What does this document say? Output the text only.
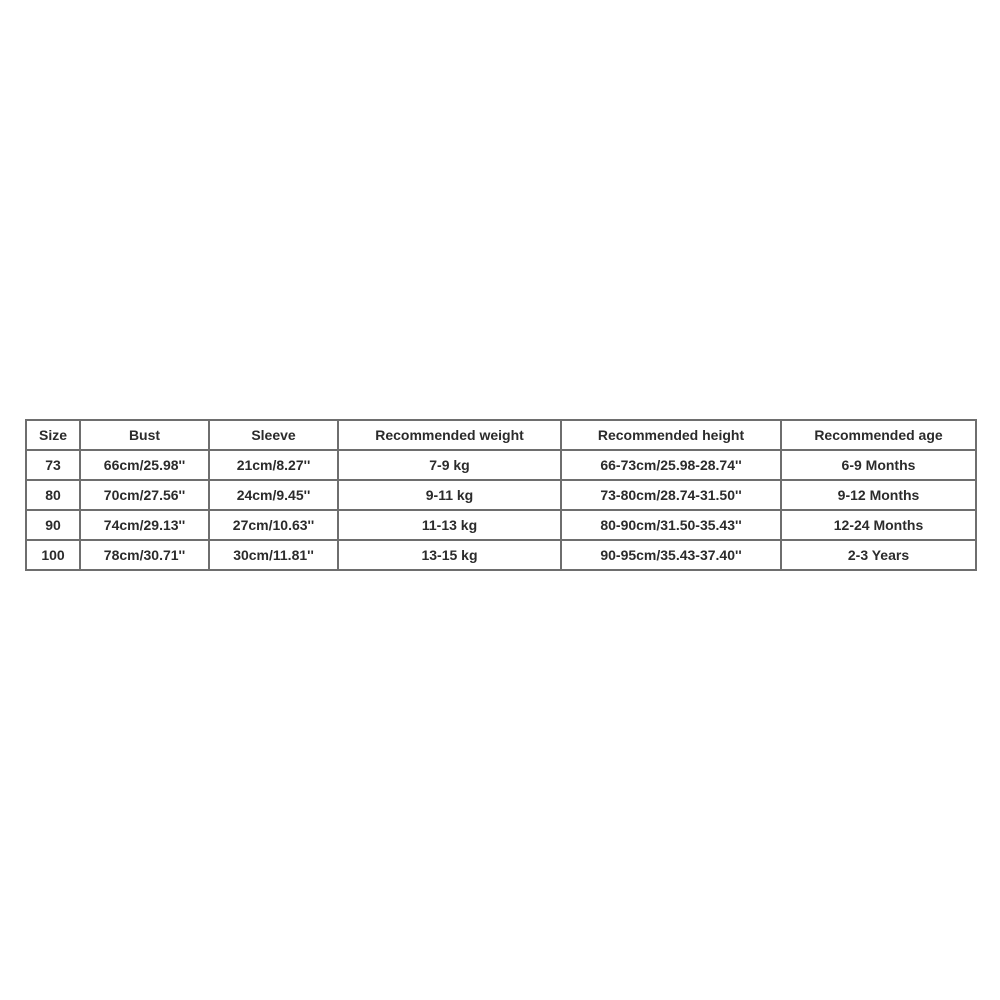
Size	Bust	Sleeve	Recommended weight	Recommended height	Recommended age
73	66cm/25.98''	21cm/8.27''	7-9 kg	66-73cm/25.98-28.74''	6-9 Months
80	70cm/27.56''	24cm/9.45''	9-11 kg	73-80cm/28.74-31.50''	9-12 Months
90	74cm/29.13''	27cm/10.63''	11-13 kg	80-90cm/31.50-35.43''	12-24 Months
100	78cm/30.71''	30cm/11.81''	13-15 kg	90-95cm/35.43-37.40''	2-3 Years
